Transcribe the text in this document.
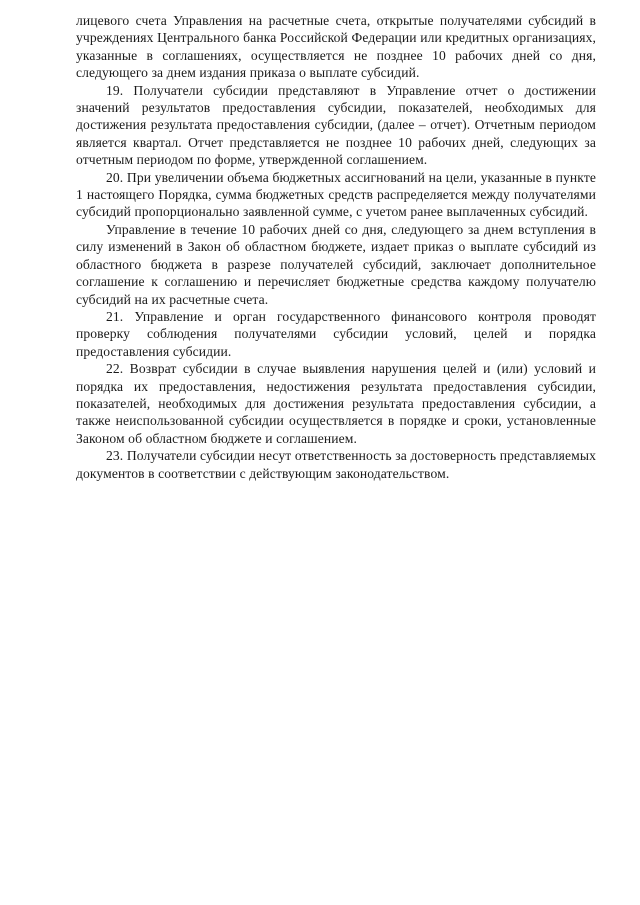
лицевого счета Управления на расчетные счета, открытые получателями субсидий в учреждениях Центрального банка Российской Федерации или кредитных организациях, указанные в соглашениях, осуществляется не позднее 10 рабочих дней со дня, следующего за днем издания приказа о выплате субсидий.

19. Получатели субсидии представляют в Управление отчет о достижении значений результатов предоставления субсидии, показателей, необходимых для достижения результата предоставления субсидии, (далее – отчет). Отчетным периодом является квартал. Отчет представляется не позднее 10 рабочих дней, следующих за отчетным периодом по форме, утвержденной соглашением.

20. При увеличении объема бюджетных ассигнований на цели, указанные в пункте 1 настоящего Порядка, сумма бюджетных средств распределяется между получателями субсидий пропорционально заявленной сумме, с учетом ранее выплаченных субсидий.

Управление в течение 10 рабочих дней со дня, следующего за днем вступления в силу изменений в Закон об областном бюджете, издает приказ о выплате субсидий из областного бюджета в разрезе получателей субсидий, заключает дополнительное соглашение к соглашению и перечисляет бюджетные средства каждому получателю субсидий на их расчетные счета.

21. Управление и орган государственного финансового контроля проводят проверку соблюдения получателями субсидии условий, целей и порядка предоставления субсидии.

22. Возврат субсидии в случае выявления нарушения целей и (или) условий и порядка их предоставления, недостижения результата предоставления субсидии, показателей, необходимых для достижения результата предоставления субсидии, а также неиспользованной субсидии осуществляется в порядке и сроки, установленные Законом об областном бюджете и соглашением.

23. Получатели субсидии несут ответственность за достоверность представляемых документов в соответствии с действующим законодательством.
